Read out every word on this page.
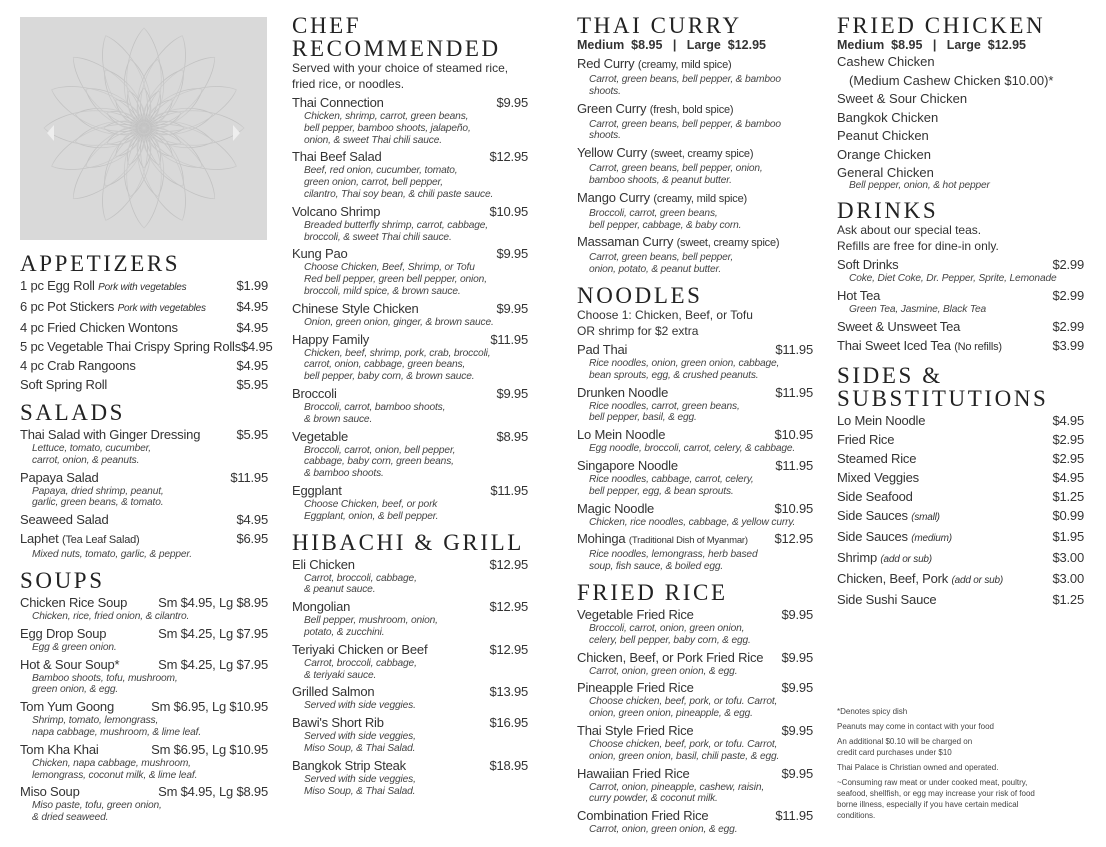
APPETIZERS
1 pc Egg Roll Pork with vegetables	$1.99
6 pc Pot Stickers Pork with vegetables $4.95
4 pc Fried Chicken Wontons	$4.95
5 pc Vegetable Thai Crispy Spring Rolls $4.95
4 pc Crab Rangoons	$4.95
Soft Spring Roll	$5.95
SALADS
Thai Salad with Ginger Dressing	$5.95
Lettuce, tomato, cucumber,
carrot, onion, & peanuts.
Papaya Salad	$11.95
Papaya, dried shrimp, peanut,
garlic, green beans, & tomato.
Seaweed Salad	$4.95
Laphet (Tea Leaf Salad)	$6.95
Mixed nuts, tomato, garlic, & pepper.
SOUPS
Chicken Rice Soup Sm $4.95, Lg $8.95
Chicken, rice, fried onion, & cilantro.
Egg Drop Soup	Sm $4.25, Lg $7.95
Egg & green onion.
Hot & Sour Soup*	Sm $4.25, Lg $7.95
Bamboo shoots, tofu, mushroom,
green onion, & egg.
Tom Yum Goong	Sm $6.95, Lg $10.95
Shrimp, tomato, lemongrass,
napa cabbage, mushroom, & lime leaf.
Tom Kha Khai	Sm $6.95, Lg $10.95
Chicken, napa cabbage, mushroom,
lemongrass, coconut milk, & lime leaf.
Miso Soup	Sm $4.95, Lg $8.95
Miso paste, tofu, green onion,
& dried seaweed.
CHEF
RECOMMENDED
Served with your choice of steamed rice,
fried rice, or noodles.
Thai Connection	$9.95
Chicken, shrimp, carrot, green beans,
bell pepper, bamboo shoots, jalapeño,
onion, & sweet Thai chili sauce.
Thai Beef Salad	$12.95
Beef, red onion, cucumber, tomato,
green onion, carrot, bell pepper,
cilantro, Thai soy bean, & chili paste sauce.
Volcano Shrimp	$10.95
Breaded butterfly shrimp, carrot, cabbage,
broccoli, & sweet Thai chili sauce.
Kung Pao	$9.95
Choose Chicken, Beef, Shrimp, or Tofu
Red bell pepper, green bell pepper, onion,
broccoli, mild spice, & brown sauce.
Chinese Style Chicken	$9.95
Onion, green onion, ginger, & brown sauce.
Happy Family	$11.95
Chicken, beef, shrimp, pork, crab, broccoli,
carrot, onion, cabbage, green beans,
bell pepper, baby corn, & brown sauce.
Broccoli	$9.95
Broccoli, carrot, bamboo shoots,
& brown sauce.
Vegetable	$8.95
Broccoli, carrot, onion, bell pepper,
cabbage, baby corn, green beans,
& bamboo shoots.
Eggplant	$11.95
Choose Chicken, beef, or pork
Eggplant, onion, & bell pepper.
HIBACHI & GRILL
Eli Chicken	$12.95
Carrot, broccoli, cabbage,
& peanut sauce.
Mongolian	$12.95
Bell pepper, mushroom, onion,
potato, & zucchini.
Teriyaki Chicken or Beef	$12.95
Carrot, broccoli, cabbage,
& teriyaki sauce.
Grilled Salmon	$13.95
Served with side veggies.
Bawi's Short Rib	$16.95
Served with side veggies,
Miso Soup, & Thai Salad.
Bangkok Strip Steak	$18.95
Served with side veggies,
Miso Soup, & Thai Salad.
THAI CURRY
Medium  $8.95   |   Large  $12.95
Red Curry (creamy, mild spice)
Carrot, green beans, bell pepper, & bamboo shoots.
Green Curry (fresh, bold spice)
Carrot, green beans, bell pepper, & bamboo shoots.
Yellow Curry (sweet, creamy spice)
Carrot, green beans, bell pepper, onion,
bamboo shoots, & peanut butter.
Mango Curry (creamy, mild spice)
Broccoli, carrot, green beans,
bell pepper, cabbage, & baby corn.
Massaman Curry (sweet, creamy spice)
Carrot, green beans, bell pepper,
onion, potato, & peanut butter.
NOODLES
Choose 1: Chicken, Beef, or Tofu
OR shrimp for $2 extra
Pad Thai	$11.95
Rice noodles, onion, green onion, cabbage,
bean sprouts, egg, & crushed peanuts.
Drunken Noodle	$11.95
Rice noodles, carrot, green beans,
bell pepper, basil, & egg.
Lo Mein Noodle	$10.95
Egg noodle, broccoli, carrot, celery, & cabbage.
Singapore Noodle	$11.95
Rice noodles, cabbage, carrot, celery,
bell pepper, egg, & bean sprouts.
Magic Noodle	$10.95
Chicken, rice noodles, cabbage, & yellow curry.
Mohinga (Traditional Dish of Myanmar) $12.95
Rice noodles, lemongrass, herb based
soup, fish sauce, & boiled egg.
FRIED RICE
Vegetable Fried Rice	$9.95
Broccoli, carrot, onion, green onion,
celery, bell pepper, baby corn, & egg.
Chicken, Beef, or Pork Fried Rice $9.95
Carrot, onion, green onion, & egg.
Pineapple Fried Rice	$9.95
Choose chicken, beef, pork, or tofu. Carrot,
onion, green onion, pineapple, & egg.
Thai Style Fried Rice	$9.95
Choose chicken, beef, pork, or tofu. Carrot,
onion, green onion, basil, chili paste, & egg.
Hawaiian Fried Rice	$9.95
Carrot, onion, pineapple, cashew, raisin,
curry powder, & coconut milk.
Combination Fried Rice	$11.95
Carrot, onion, green onion, & egg.
FRIED CHICKEN
Medium  $8.95   |   Large  $12.95
Cashew Chicken
(Medium Cashew Chicken $10.00)*
Sweet & Sour Chicken
Bangkok Chicken
Peanut Chicken
Orange Chicken
General Chicken
Bell pepper, onion, & hot pepper
DRINKS
Ask about our special teas.
Refills are free for dine-in only.
Soft Drinks	$2.99
Coke, Diet Coke, Dr. Pepper, Sprite, Lemonade
Hot Tea	$2.99
Green Tea, Jasmine, Black Tea
Sweet & Unsweet Tea	$2.99
Thai Sweet Iced Tea (No refills)	$3.99
SIDES &
SUBSTITUTIONS
Lo Mein Noodle	$4.95
Fried Rice	$2.95
Steamed Rice	$2.95
Mixed Veggies	$4.95
Side Seafood	$1.25
Side Sauces (small)	$0.99
Side Sauces (medium)	$1.95
Shrimp (add or sub)	$3.00
Chicken, Beef, Pork (add or sub)	$3.00
Side Sushi Sauce	$1.25

*Denotes spicy dish

Peanuts may come in contact with your food

An additional $0.10 will be charged on
credit card purchases under $10

Thai Palace is Christian owned and operated.

~Consuming raw meat or under cooked meat, poultry,
seafood, shellfish, or egg may increase your risk of food
borne illness, especially if you have certain medical
conditions.
